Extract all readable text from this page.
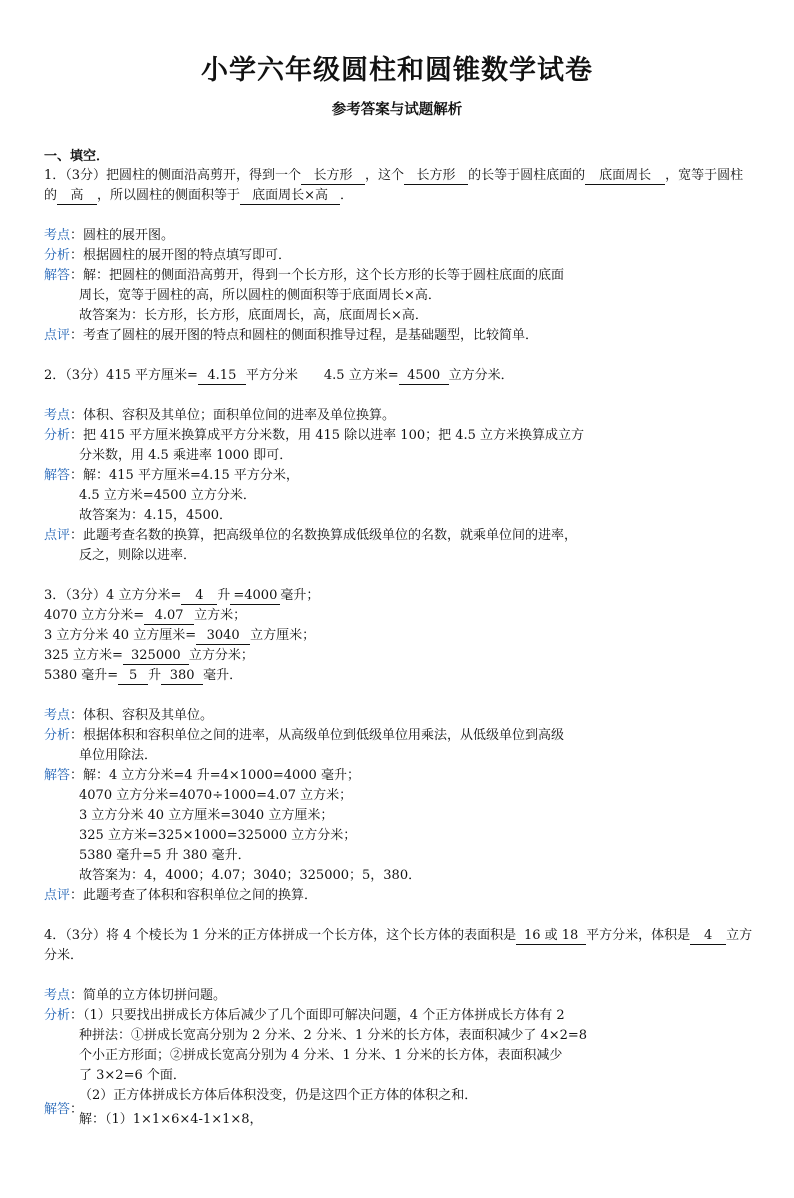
小学六年级圆柱和圆锥数学试卷
参考答案与试题解析
一、填空．
1．（3分）把圆柱的侧面沿高剪开，得到一个 长方形 ，这个 长方形 的长等于圆柱底面的 底面周长 ，宽等于圆柱
的 高 ，所以圆柱的侧面积等于 底面周长×高 ．
考点：圆柱的展开图。
分析：根据圆柱的展开图的特点填写即可．
解答：解：把圆柱的侧面沿高剪开，得到一个长方形，这个长方形的长等于圆柱底面的底面
周长，宽等于圆柱的高，所以圆柱的侧面积等于底面周长×高．
故答案为：长方形，长方形，底面周长，高，底面周长×高．
点评：考查了圆柱的展开图的特点和圆柱的侧面积推导过程，是基础题型，比较简单．
2．（3分）415 平方厘米= 4.15 平方分米 4.5 立方米= 4500 立方分米．
考点：体积、容积及其单位；面积单位间的进率及单位换算。
分析：把 415 平方厘米换算成平方分米数，用 415 除以进率 100；把 4.5 立方米换算成立方
分米数，用 4.5 乘进率 1000 即可．
解答：解：415 平方厘米=4.15 平方分米，
4.5 立方米=4500 立方分米．
故答案为：4.15，4500．
点评：此题考查名数的换算，把高级单位的名数换算成低级单位的名数，就乘单位间的进率，
反之，则除以进率．
3．（3分）4 立方分米= 4 升 =4000 毫升；
4070 立方分米= 4.07 立方米；
3 立方分米 40 立方厘米= 3040 立方厘米；
325 立方米= 325000 立方分米；
5380 毫升= 5 升 380 毫升．
考点：体积、容积及其单位。
分析：根据体积和容积单位之间的进率，从高级单位到低级单位用乘法，从低级单位到高级
单位用除法．
解答：解：4 立方分米=4 升=4×1000=4000 毫升；
4070 立方分米=4070÷1000=4.07 立方米；
3 立方分米 40 立方厘米=3040 立方厘米；
325 立方米=325×1000=325000 立方分米；
5380 毫升=5 升 380 毫升．
故答案为：4，4000；4.07；3040；325000；5，380．
点评：此题考查了体积和容积单位之间的换算．
4．（3分）将 4 个棱长为 1 分米的正方体拼成一个长方体，这个长方体的表面积是 16 或 18 平方分米，体积是 4 立方
分米．
考点：简单的立方体切拼问题。
分析：（1）只要找出拼成长方体后减少了几个面即可解决问题，4 个正方体拼成长方体有 2
种拼法：①拼成长宽高分别为 2 分米、2 分米、1 分米的长方体，表面积减少了 4×2=8
个小正方形面；②拼成长宽高分别为 4 分米、1 分米、1 分米的长方体，表面积减少
了 3×2=6 个面．
（2）正方体拼成长方体后体积没变，仍是这四个正方体的体积之和．
解答：
解：（1）1×1×6×4-1×1×8，
